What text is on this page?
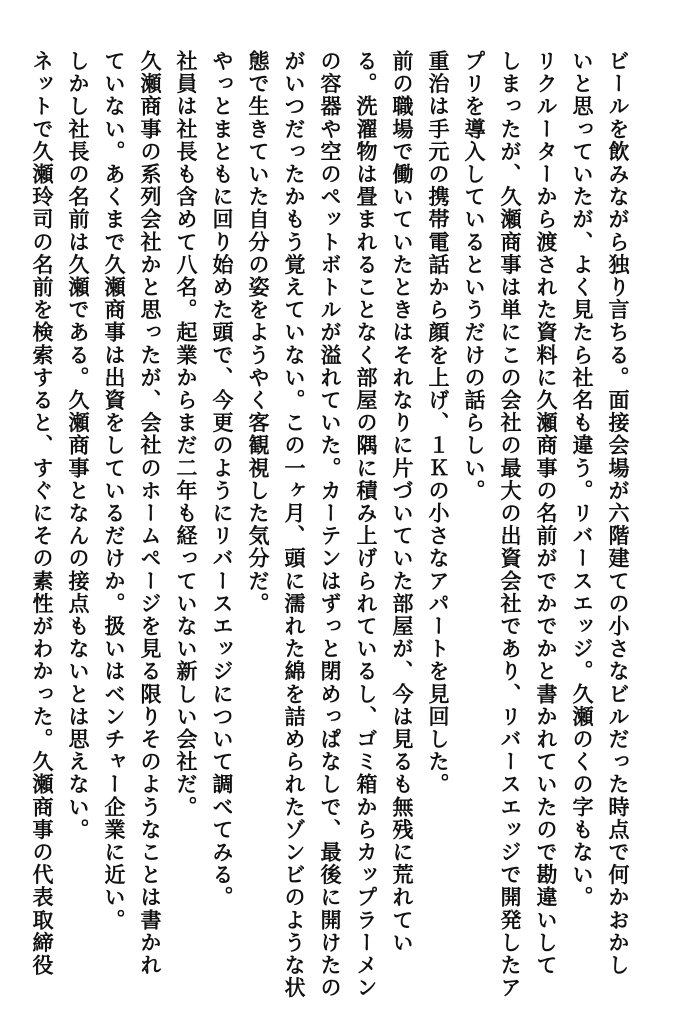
ビールを飲みながら独り言ちる。面接会場が六階建ての小さなビルだった時点で何かおかし
いと思っていたが、よく見たら社名も違う。リバースエッジ。久瀬のくの字もない。
リクルーターから渡された資料に久瀬商事の名前がでかでかと書かれていたので勘違いして
しまったが、久瀬商事は単にこの会社の最大の出資会社であり、リバースエッジで開発したア
プリを導入しているというだけの話らしい。
重治は手元の携帯電話から顔を上げ、１Ｋの小さなアパートを見回した。
前の職場で働いていたときはそれなりに片づいていた部屋が、今は見るも無残に荒れてい
る。洗濯物は畳まれることなく部屋の隅に積み上げられているし、ゴミ箱からカップラーメン
の容器や空のペットボトルが溢れていた。カーテンはずっと閉めっぱなしで、最後に開けたの
がいつだったかもう覚えていない。この一ヶ月、頭に濡れた綿を詰められたゾンビのような状
態で生きていた自分の姿をようやく客観視した気分だ。
やっとまともに回り始めた頭で、今更のようにリバースエッジについて調べてみる。
社員は社長も含めて八名。起業からまだ二年も経っていない新しい会社だ。
久瀬商事の系列会社かと思ったが、会社のホームページを見る限りそのようなことは書かれ
ていない。あくまで久瀬商事は出資をしているだけか。扱いはベンチャー企業に近い。
しかし社長の名前は久瀬である。久瀬商事となんの接点もないとは思えない。
ネットで久瀬玲司の名前を検索すると、すぐにその素性がわかった。久瀬商事の代表取締役
